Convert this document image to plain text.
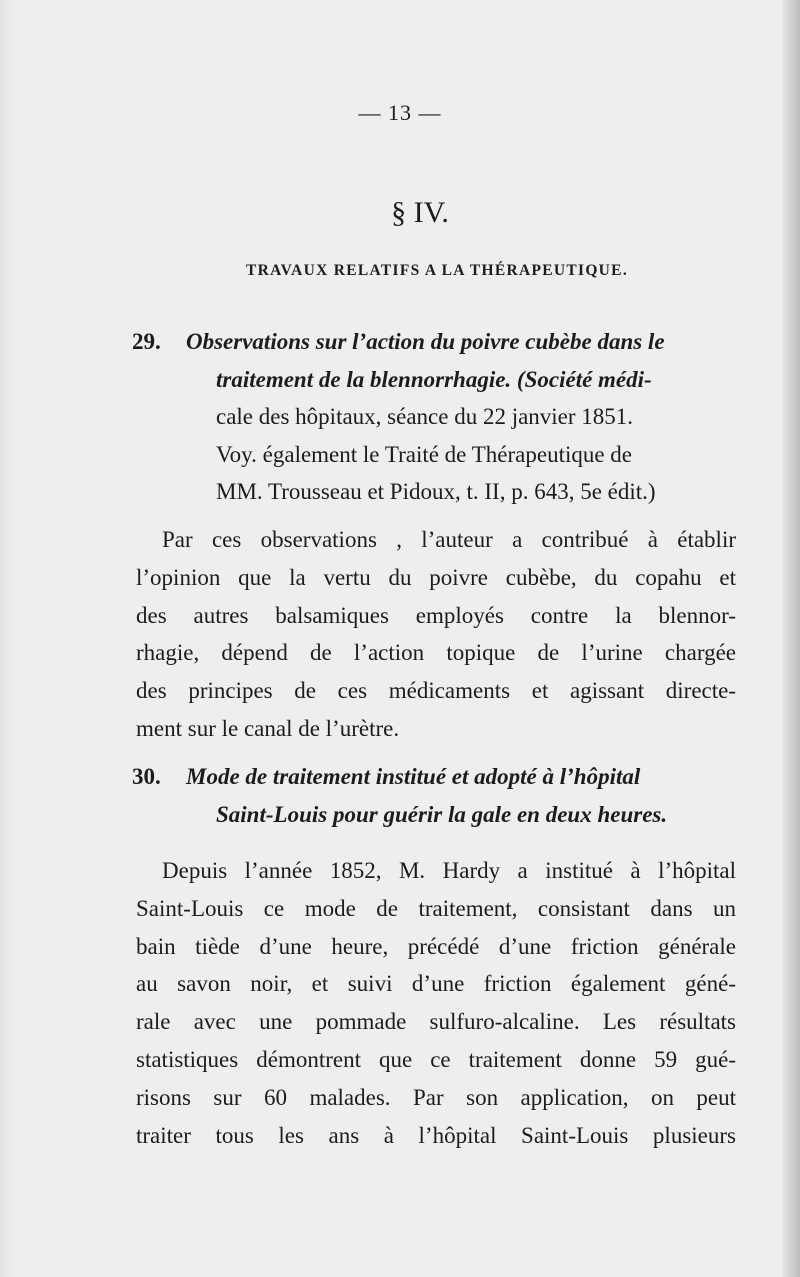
— 13 —
§ IV.
TRAVAUX RELATIFS A LA THÉRAPEUTIQUE.
29.	Observations sur l’action du poivre cubèbe dans le
traitement de la blennorrhagie. (Société médi-
cale des hôpitaux, séance du 22 janvier 1851.
Voy. également le Traité de Thérapeutique de
MM. Trousseau et Pidoux, t. II, p. 643, 5e édit.)
Par ces observations , l’auteur a contribué à établir
l’opinion que la vertu du poivre cubèbe, du copahu et
des autres balsamiques employés contre la blennor-
rhagie, dépend de l’action topique de l’urine chargée
des principes de ces médicaments et agissant directe-
ment sur le canal de l’urètre.
30.	Mode de traitement institué et adopté à l’hôpital
Saint-Louis pour guérir la gale en deux heures.
Depuis l’année 1852, M. Hardy a institué à l’hôpital
Saint-Louis ce mode de traitement, consistant dans un
bain tiède d’une heure, précédé d’une friction générale
au savon noir, et suivi d’une friction également géné-
rale avec une pommade sulfuro-alcaline. Les résultats
statistiques démontrent que ce traitement donne 59 gué-
risons sur 60 malades. Par son application, on peut
traiter tous les ans à l’hôpital Saint-Louis plusieurs
